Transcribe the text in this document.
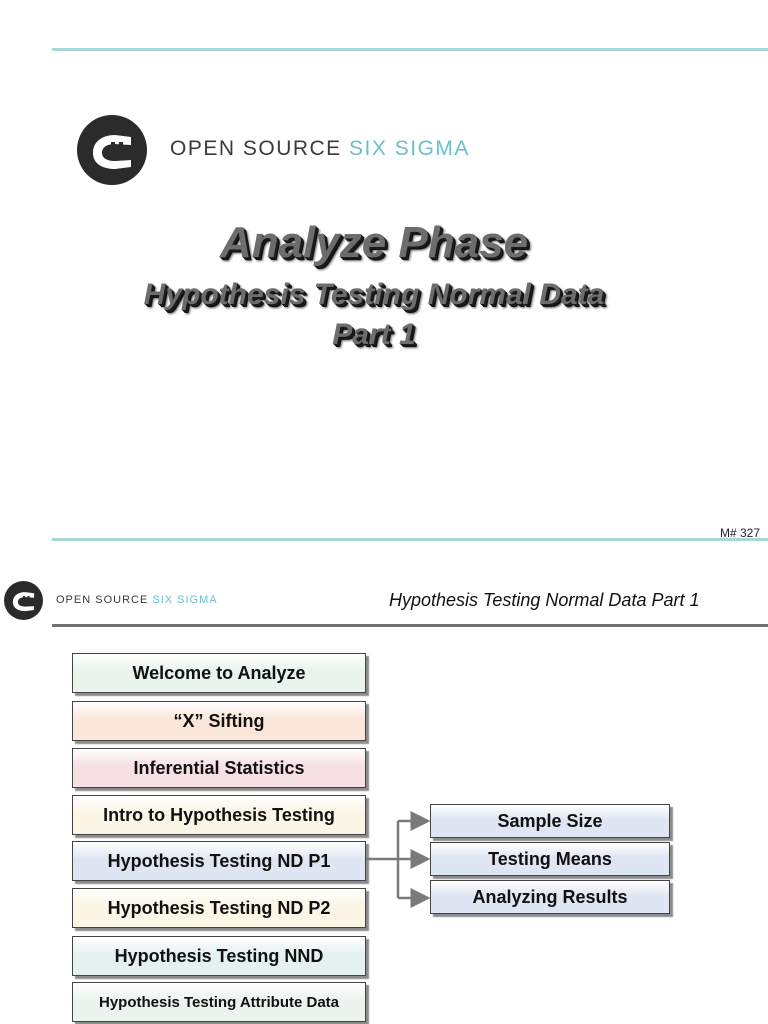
OPEN SOURCE SIX SIGMA
Analyze Phase
Hypothesis Testing Normal Data
Part 1
M# 327
OPEN SOURCE SIX SIGMA	Hypothesis Testing Normal Data Part 1
Welcome to Analyze
“X” Sifting
Inferential Statistics
Intro to Hypothesis Testing
Hypothesis Testing ND P1
Hypothesis Testing ND P2
Hypothesis Testing NND
Hypothesis Testing Attribute Data
Sample Size
Testing Means
Analyzing Results
